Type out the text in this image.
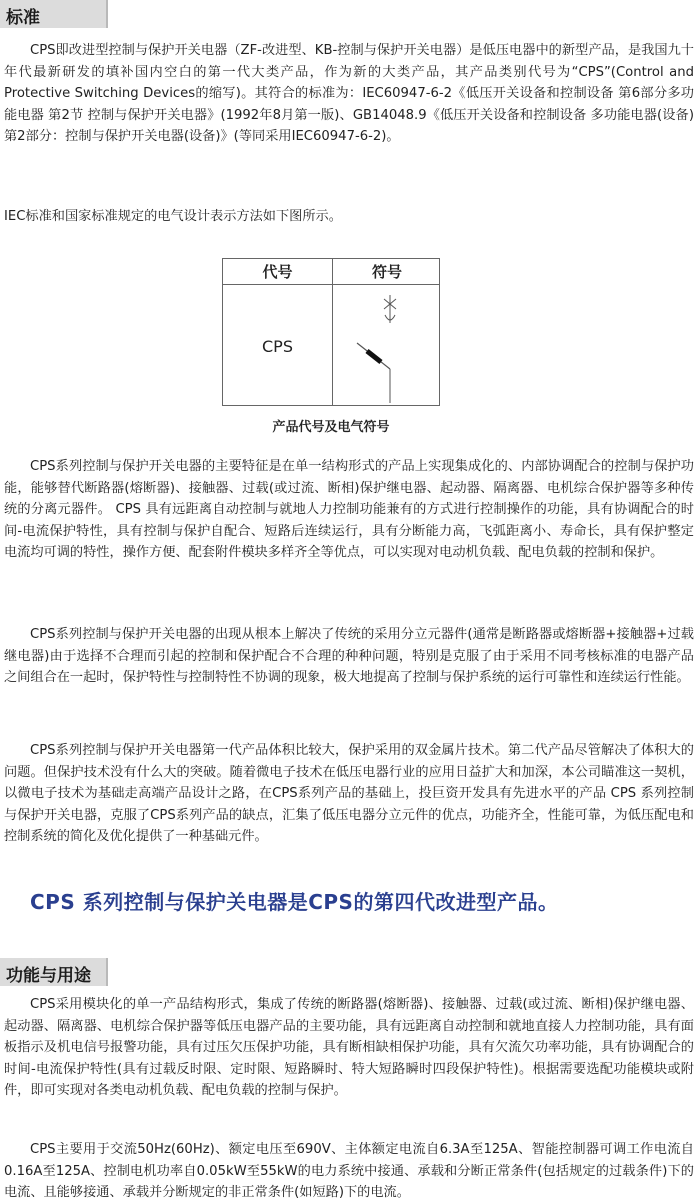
标准
CPS即改进型控制与保护开关电器（ZF-改进型、KB-控制与保护开关电器）是低压电器中的新型产品，是我国九十年代最新研发的填补国内空白的第一代大类产品，作为新的大类产品，其产品类别代号为“CPS”(Control and Protective Switching Devices的缩写)。其符合的标准为：IEC60947-6-2《低压开关设备和控制设备 第6部分多功能电器 第2节 控制与保护开关电器》(1992年8月第一版)、GB14048.9《低压开关设备和控制设备 多功能电器(设备) 第2部分：控制与保护开关电器(设备)》(等同采用IEC60947-6-2)。
IEC标准和国家标准规定的电气设计表示方法如下图所示。
代号	符号
CPS
产品代号及电气符号
CPS系列控制与保护开关电器的主要特征是在单一结构形式的产品上实现集成化的、内部协调配合的控制与保护功能，能够替代断路器(熔断器)、接触器、过载(或过流、断相)保护继电器、起动器、隔离器、电机综合保护器等多种传统的分离元器件。 CPS 具有远距离自动控制与就地人力控制功能兼有的方式进行控制操作的功能，具有协调配合的时间-电流保护特性，具有控制与保护自配合、短路后连续运行，具有分断能力高，飞弧距离小、寿命长，具有保护整定电流均可调的特性，操作方便、配套附件模块多样齐全等优点，可以实现对电动机负载、配电负载的控制和保护。
CPS系列控制与保护开关电器的出现从根本上解决了传统的采用分立元器件(通常是断路器或熔断器+接触器+过载继电器)由于选择不合理而引起的控制和保护配合不合理的种种问题，特别是克服了由于采用不同考核标准的电器产品之间组合在一起时，保护特性与控制特性不协调的现象，极大地提高了控制与保护系统的运行可靠性和连续运行性能。
CPS系列控制与保护开关电器第一代产品体积比较大，保护采用的双金属片技术。第二代产品尽管解决了体积大的问题。但保护技术没有什么大的突破。随着微电子技术在低压电器行业的应用日益扩大和加深，本公司瞄准这一契机，以微电子技术为基础走高端产品设计之路，在CPS系列产品的基础上，投巨资开发具有先进水平的产品 CPS 系列控制与保护开关电器，克服了CPS系列产品的缺点，汇集了低压电器分立元件的优点，功能齐全，性能可靠，为低压配电和控制系统的简化及优化提供了一种基础元件。
CPS 系列控制与保护关电器是CPS的第四代改进型产品。
功能与用途
CPS采用模块化的单一产品结构形式，集成了传统的断路器(熔断器)、接触器、过载(或过流、断相)保护继电器、起动器、隔离器、电机综合保护器等低压电器产品的主要功能，具有远距离自动控制和就地直接人力控制功能，具有面板指示及机电信号报警功能，具有过压欠压保护功能，具有断相缺相保护功能，具有欠流欠功率功能，具有协调配合的时间-电流保护特性(具有过载反时限、定时限、短路瞬时、特大短路瞬时四段保护特性)。根据需要选配功能模块或附件，即可实现对各类电动机负载、配电负载的控制与保护。
CPS主要用于交流50Hz(60Hz)、额定电压至690V、主体额定电流自6.3A至125A、智能控制器可调工作电流自0.16A至125A、控制电机功率自0.05kW至55kW的电力系统中接通、承载和分断正常条件(包括规定的过载条件)下的电流、且能够接通、承载并分断规定的非正常条件(如短路)下的电流。
